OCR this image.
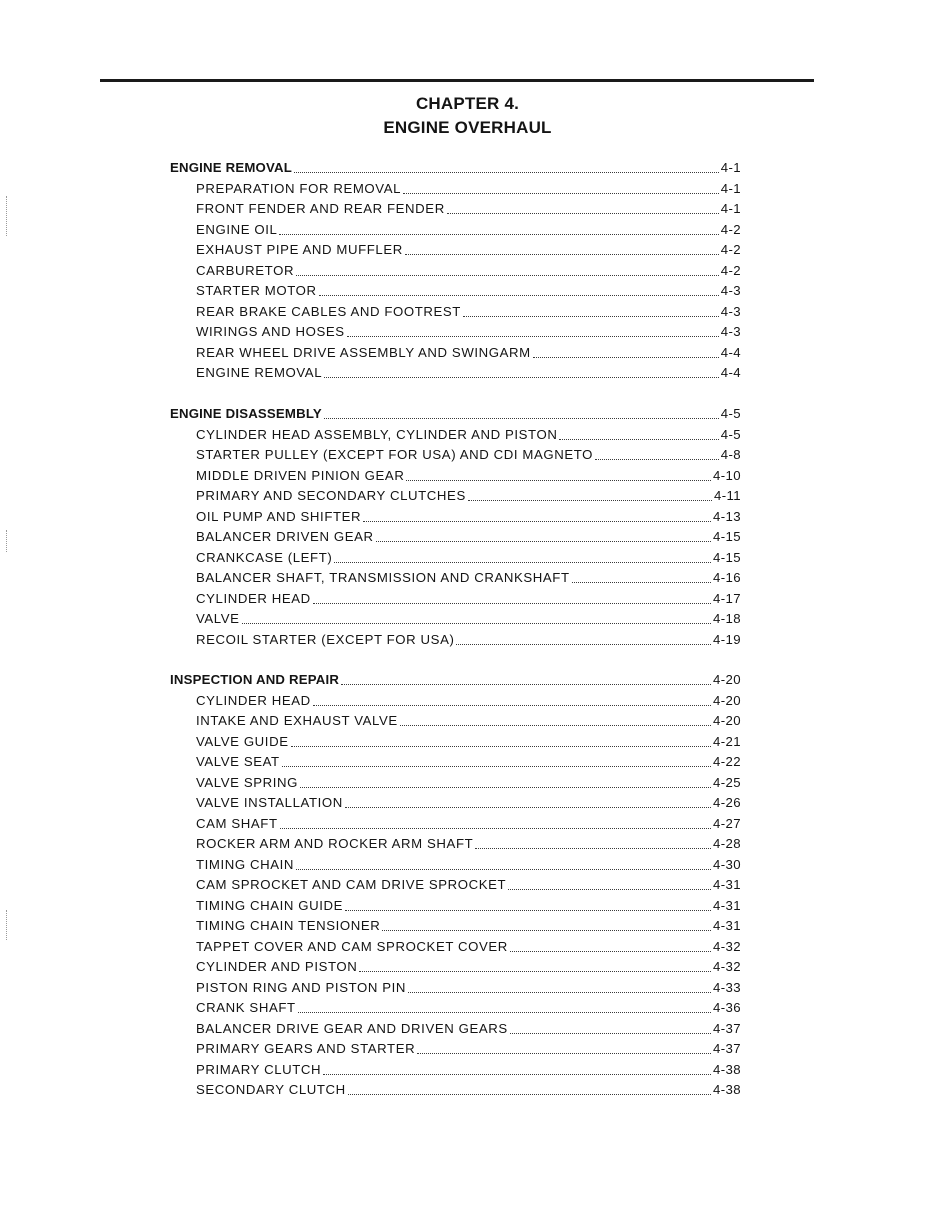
CHAPTER 4.
ENGINE OVERHAUL
ENGINE REMOVAL	4-1
PREPARATION FOR REMOVAL	4-1
FRONT FENDER AND REAR FENDER	4-1
ENGINE OIL	4-2
EXHAUST PIPE AND MUFFLER	4-2
CARBURETOR	4-2
STARTER MOTOR	4-3
REAR BRAKE CABLES AND FOOTREST	4-3
WIRINGS AND HOSES	4-3
REAR WHEEL DRIVE ASSEMBLY AND SWINGARM	4-4
ENGINE REMOVAL	4-4
ENGINE DISASSEMBLY	4-5
CYLINDER HEAD ASSEMBLY, CYLINDER AND PISTON	4-5
STARTER PULLEY (EXCEPT FOR USA) AND CDI MAGNETO	4-8
MIDDLE DRIVEN PINION GEAR	4-10
PRIMARY AND SECONDARY CLUTCHES	4-11
OIL PUMP AND SHIFTER	4-13
BALANCER DRIVEN GEAR	4-15
CRANKCASE (LEFT)	4-15
BALANCER SHAFT, TRANSMISSION AND CRANKSHAFT	4-16
CYLINDER HEAD	4-17
VALVE	4-18
RECOIL STARTER (EXCEPT FOR USA)	4-19
INSPECTION AND REPAIR	4-20
CYLINDER HEAD	4-20
INTAKE AND EXHAUST VALVE	4-20
VALVE GUIDE	4-21
VALVE SEAT	4-22
VALVE SPRING	4-25
VALVE INSTALLATION	4-26
CAM SHAFT	4-27
ROCKER ARM AND ROCKER ARM SHAFT	4-28
TIMING CHAIN	4-30
CAM SPROCKET AND CAM DRIVE SPROCKET	4-31
TIMING CHAIN GUIDE	4-31
TIMING CHAIN TENSIONER	4-31
TAPPET COVER AND CAM SPROCKET COVER	4-32
CYLINDER AND PISTON	4-32
PISTON RING AND PISTON PIN	4-33
CRANK SHAFT	4-36
BALANCER DRIVE GEAR AND DRIVEN GEARS	4-37
PRIMARY GEARS AND STARTER	4-37
PRIMARY CLUTCH	4-38
SECONDARY CLUTCH	4-38
